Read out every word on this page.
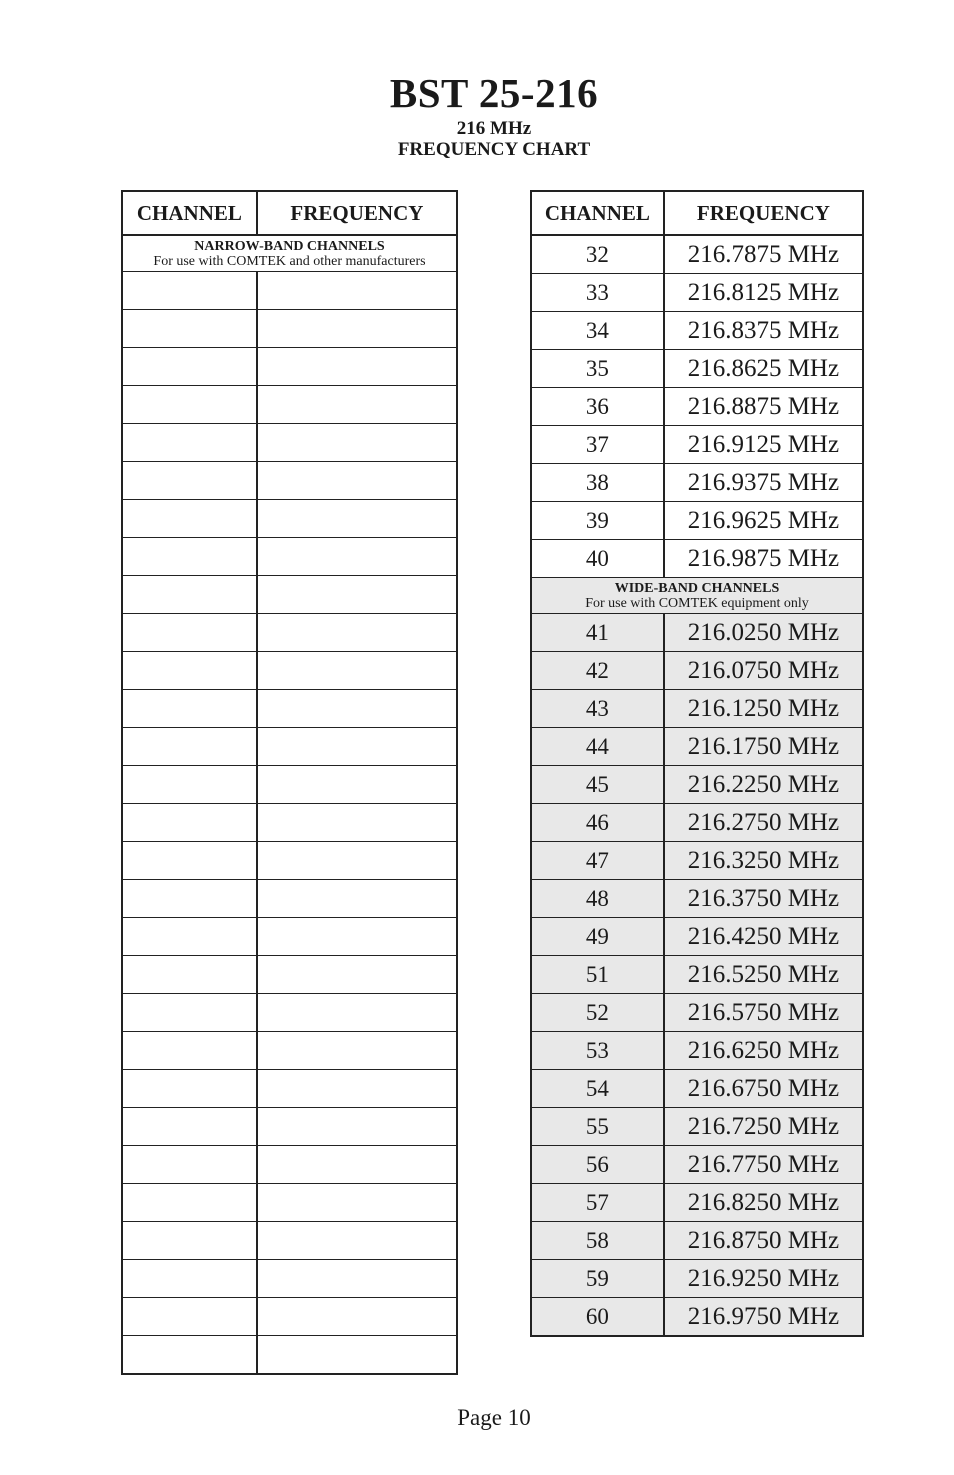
BST 25-216
216 MHz
FREQUENCY CHART
CHANNEL	FREQUENCY

NARROW-BAND CHANNELS
For use with COMTEK and other manufacturers	

CHANNEL	FREQUENCY
32	216.7875 MHz
33	216.8125 MHz
34	216.8375 MHz
35	216.8625 MHz
36	216.8875 MHz
37	216.9125 MHz
38	216.9375 MHz
39	216.9625 MHz
40	216.9875 MHz

WIDE-BAND CHANNELS
For use with COMTEK equipment only	

41	216.0250 MHz
42	216.0750 MHz
43	216.1250 MHz
44	216.1750 MHz
45	216.2250 MHz
46	216.2750 MHz
47	216.3250 MHz
48	216.3750 MHz
49	216.4250 MHz
51	216.5250 MHz
52	216.5750 MHz
53	216.6250 MHz
54	216.6750 MHz
55	216.7250 MHz
56	216.7750 MHz
57	216.8250 MHz
58	216.8750 MHz
59	216.9250 MHz
60	216.9750 MHz
Page 10
